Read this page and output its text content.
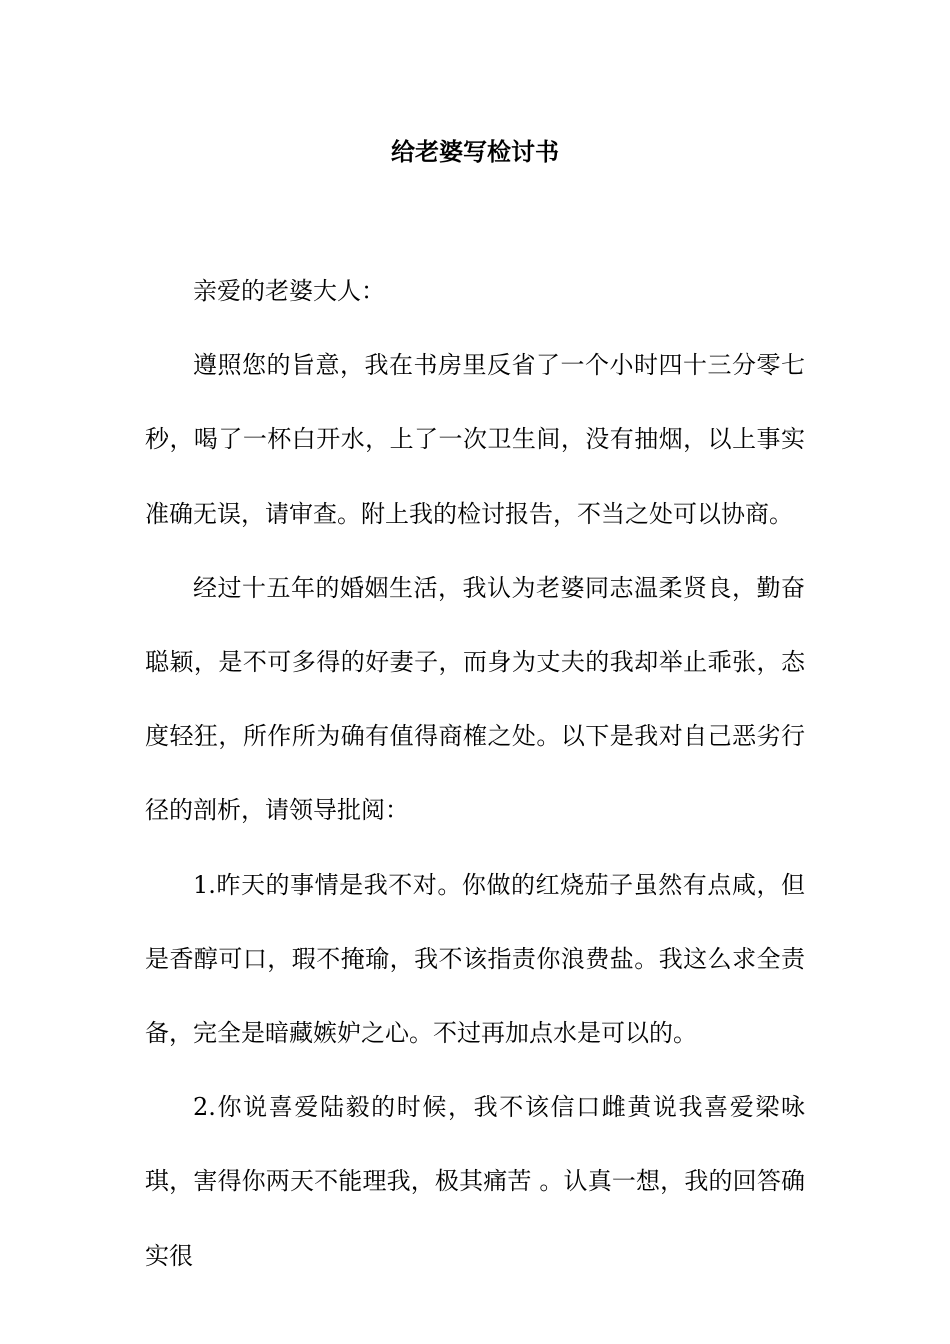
给老婆写检讨书

亲爱的老婆大人：

遵照您的旨意，我在书房里反省了一个小时四十三分零七秒，喝了一杯白开水，上了一次卫生间，没有抽烟，以上事实准确无误，请审查。附上我的检讨报告，不当之处可以协商。

经过十五年的婚姻生活，我认为老婆同志温柔贤良，勤奋聪颖，是不可多得的好妻子，而身为丈夫的我却举止乖张，态度轻狂，所作所为确有值得商榷之处。以下是我对自己恶劣行径的剖析，请领导批阅：

1.昨天的事情是我不对。你做的红烧茄子虽然有点咸，但是香醇可口，瑕不掩瑜，我不该指责你浪费盐。我这么求全责备，完全是暗藏嫉妒之心。不过再加点水是可以的。

2.你说喜爱陆毅的时候，我不该信口雌黄说我喜爱梁咏琪，害得你两天不能理我，极其痛苦 。认真一想，我的回答确实很
